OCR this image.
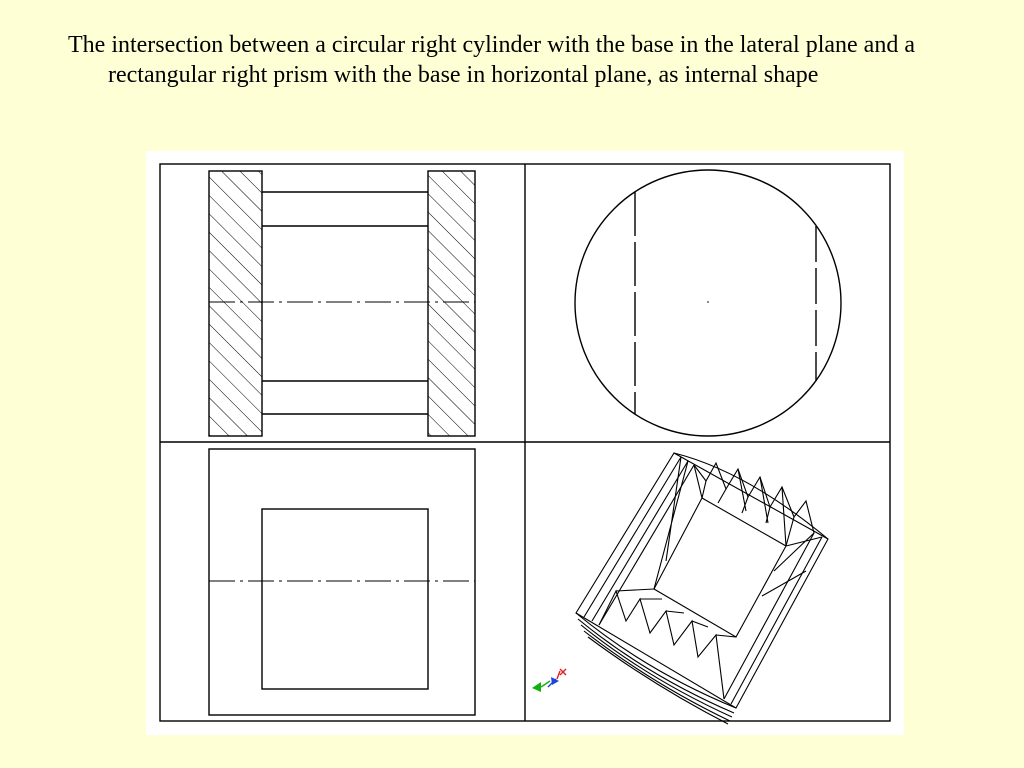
The intersection between a circular right cylinder with the base in the lateral plane and a rectangular right prism with the base in horizontal plane, as internal shape
